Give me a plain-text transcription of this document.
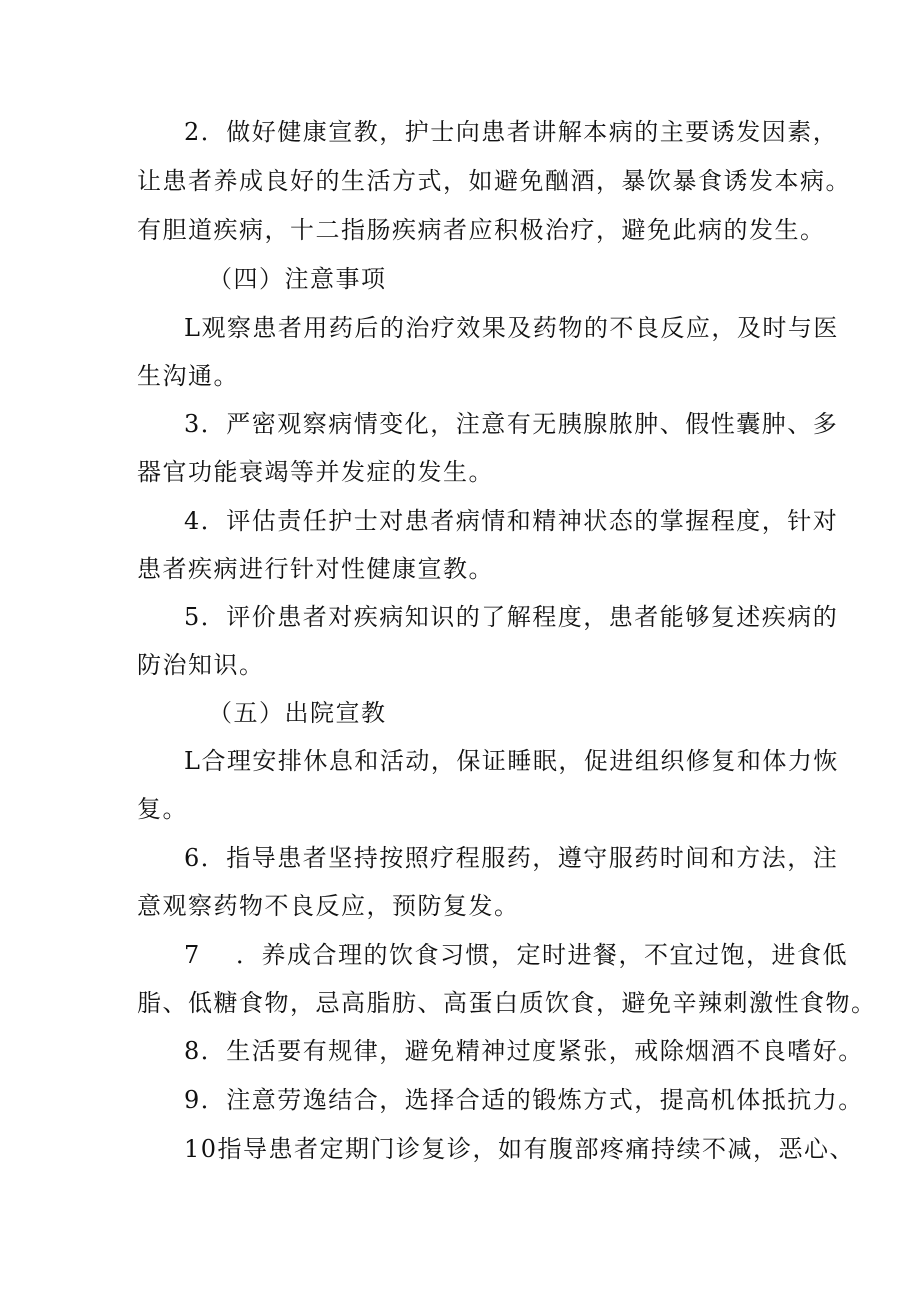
2．做好健康宣教，护士向患者讲解本病的主要诱发因素，
让患者养成良好的生活方式，如避免酗酒，暴饮暴食诱发本病。
有胆道疾病，十二指肠疾病者应积极治疗，避免此病的发生。
（四）注意事项
L观察患者用药后的治疗效果及药物的不良反应，及时与医
生沟通。
3．严密观察病情变化，注意有无胰腺脓肿、假性囊肿、多
器官功能衰竭等并发症的发生。
4．评估责任护士对患者病情和精神状态的掌握程度，针对
患者疾病进行针对性健康宣教。
5．评价患者对疾病知识的了解程度，患者能够复述疾病的
防治知识。
（五）出院宣教
L合理安排休息和活动，保证睡眠，促进组织修复和体力恢
复。
6．指导患者坚持按照疗程服药，遵守服药时间和方法，注
意观察药物不良反应，预防复发。
7 ．养成合理的饮食习惯，定时进餐，不宜过饱，进食低
脂、低糖食物，忌高脂肪、高蛋白质饮食，避免辛辣刺激性食物。
8．生活要有规律，避免精神过度紧张，戒除烟酒不良嗜好。
9．注意劳逸结合，选择合适的锻炼方式，提高机体抵抗力。
10指导患者定期门诊复诊，如有腹部疼痛持续不减，恶心、
